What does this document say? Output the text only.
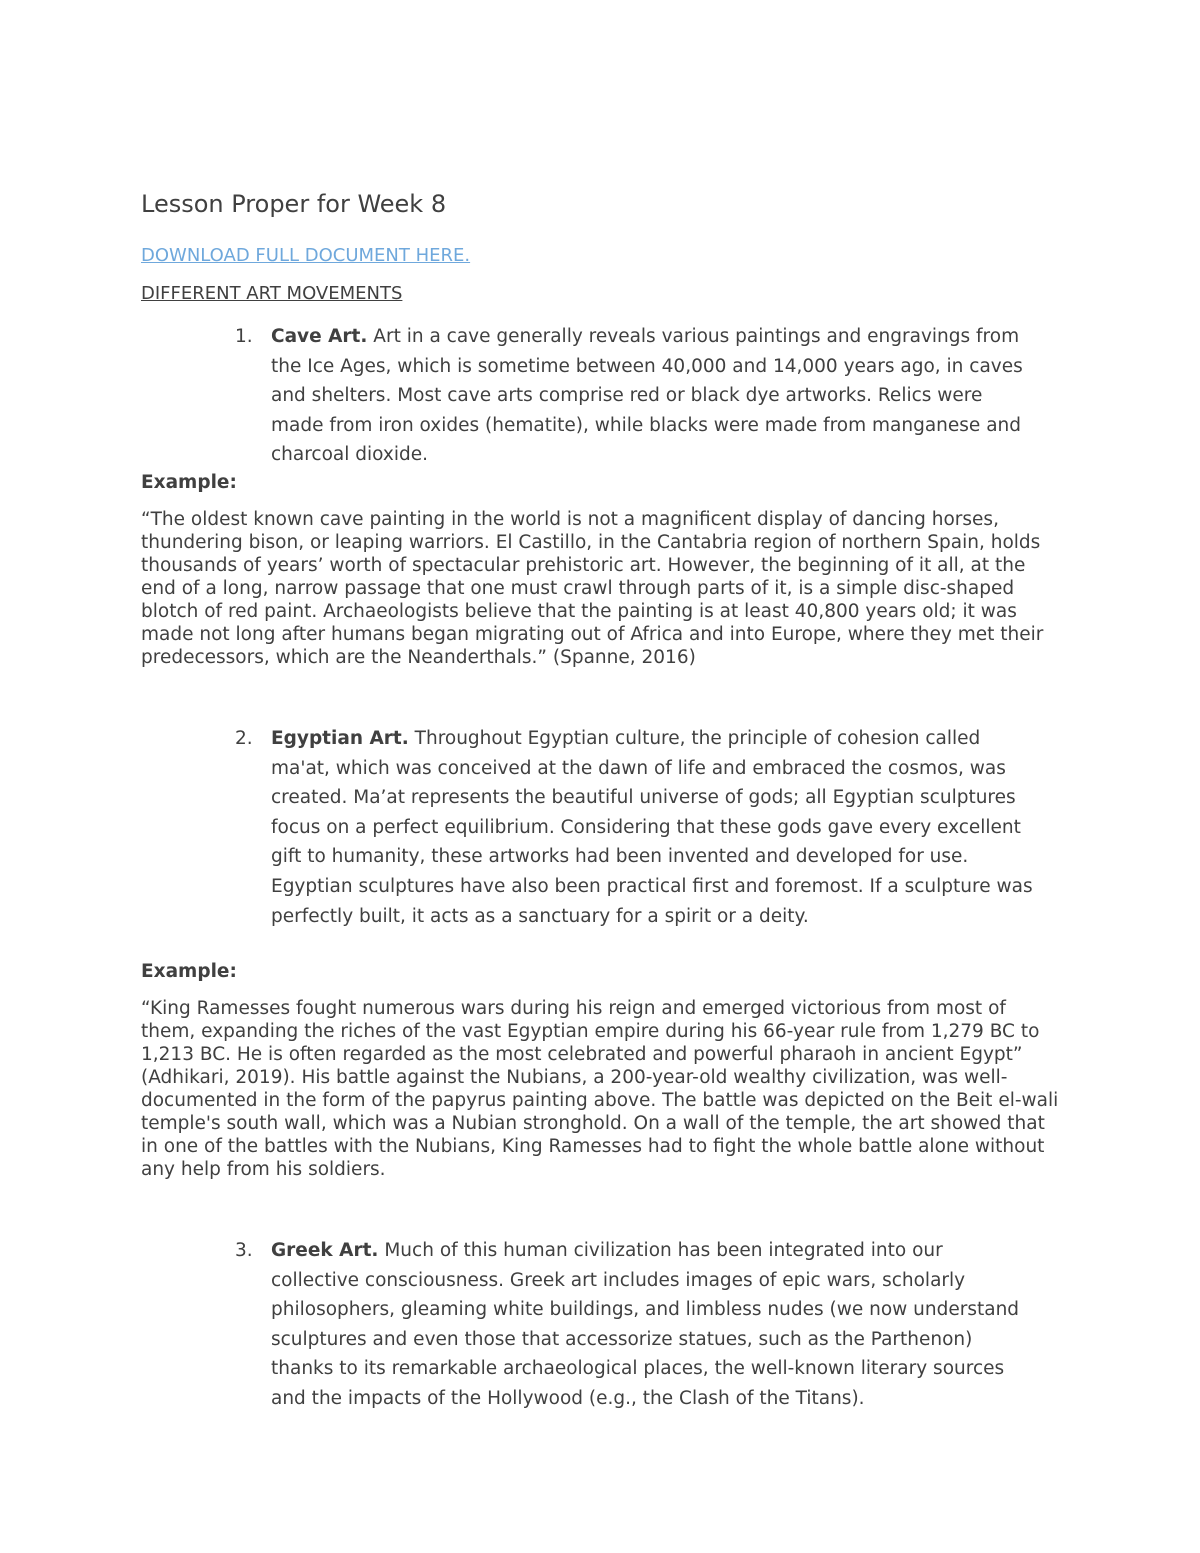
Lesson Proper for Week 8
DOWNLOAD FULL DOCUMENT HERE.
DIFFERENT ART MOVEMENTS
1. Cave Art. Art in a cave generally reveals various paintings and engravings from the Ice Ages, which is sometime between 40,000 and 14,000 years ago, in caves and shelters. Most cave arts comprise red or black dye artworks. Relics were made from iron oxides (hematite), while blacks were made from manganese and charcoal dioxide.

Example:

“The oldest known cave painting in the world is not a magnificent display of dancing horses, thundering bison, or leaping warriors. El Castillo, in the Cantabria region of northern Spain, holds thousands of years’ worth of spectacular prehistoric art. However, the beginning of it all, at the end of a long, narrow passage that one must crawl through parts of it, is a simple disc-shaped blotch of red paint. Archaeologists believe that the painting is at least 40,800 years old; it was made not long after humans began migrating out of Africa and into Europe, where they met their predecessors, which are the Neanderthals.” (Spanne, 2016)

2. Egyptian Art. Throughout Egyptian culture, the principle of cohesion called ma'at, which was conceived at the dawn of life and embraced the cosmos, was created. Ma’at represents the beautiful universe of gods; all Egyptian sculptures focus on a perfect equilibrium. Considering that these gods gave every excellent gift to humanity, these artworks had been invented and developed for use. Egyptian sculptures have also been practical first and foremost. If a sculpture was perfectly built, it acts as a sanctuary for a spirit or a deity.

Example:

“King Ramesses fought numerous wars during his reign and emerged victorious from most of them, expanding the riches of the vast Egyptian empire during his 66-year rule from 1,279 BC to 1,213 BC. He is often regarded as the most celebrated and powerful pharaoh in ancient Egypt” (Adhikari, 2019). His battle against the Nubians, a 200-year-old wealthy civilization, was well-documented in the form of the papyrus painting above. The battle was depicted on the Beit el-wali temple's south wall, which was a Nubian stronghold. On a wall of the temple, the art showed that in one of the battles with the Nubians, King Ramesses had to fight the whole battle alone without any help from his soldiers.

3. Greek Art. Much of this human civilization has been integrated into our collective consciousness. Greek art includes images of epic wars, scholarly philosophers, gleaming white buildings, and limbless nudes (we now understand sculptures and even those that accessorize statues, such as the Parthenon) thanks to its remarkable archaeological places, the well-known literary sources and the impacts of the Hollywood (e.g., the Clash of the Titans).
